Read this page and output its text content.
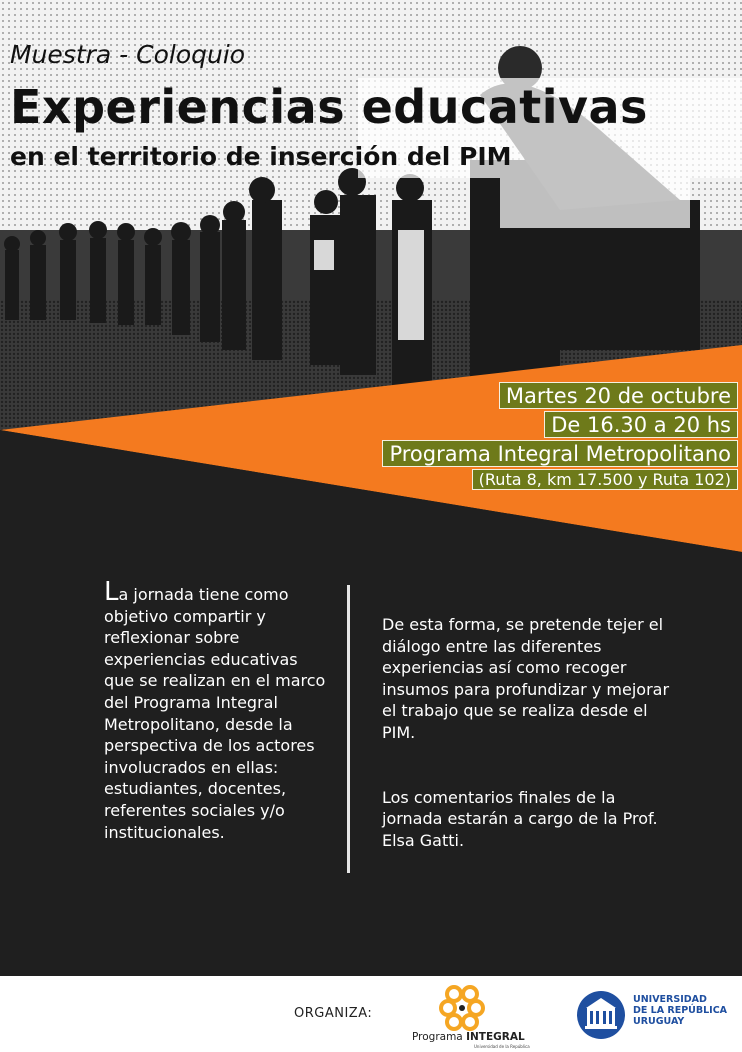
Muestra - Coloquio
Experiencias educativas
en el territorio de inserción del PIM
Martes 20 de octubre
De 16.30 a 20 hs
Programa Integral Metropolitano
(Ruta 8, km 17.500 y Ruta 102)
La jornada tiene como objetivo compartir y reflexionar sobre experiencias educativas que se realizan en el marco del Programa Integral Metropolitano, desde la perspectiva de los actores involucrados en ellas: estudiantes, docentes, referentes sociales y/o institucionales.

De esta forma, se pretende tejer el diálogo entre las diferentes experiencias así como recoger insumos para profundizar y mejorar el trabajo que se realiza desde el PIM.

Los comentarios finales de la jornada estarán a cargo de la Prof. Elsa Gatti.

ORGANIZA:
Programa INTEGRAL
Universidad de la República
UNIVERSIDAD
DE LA REPÚBLICA
URUGUAY
